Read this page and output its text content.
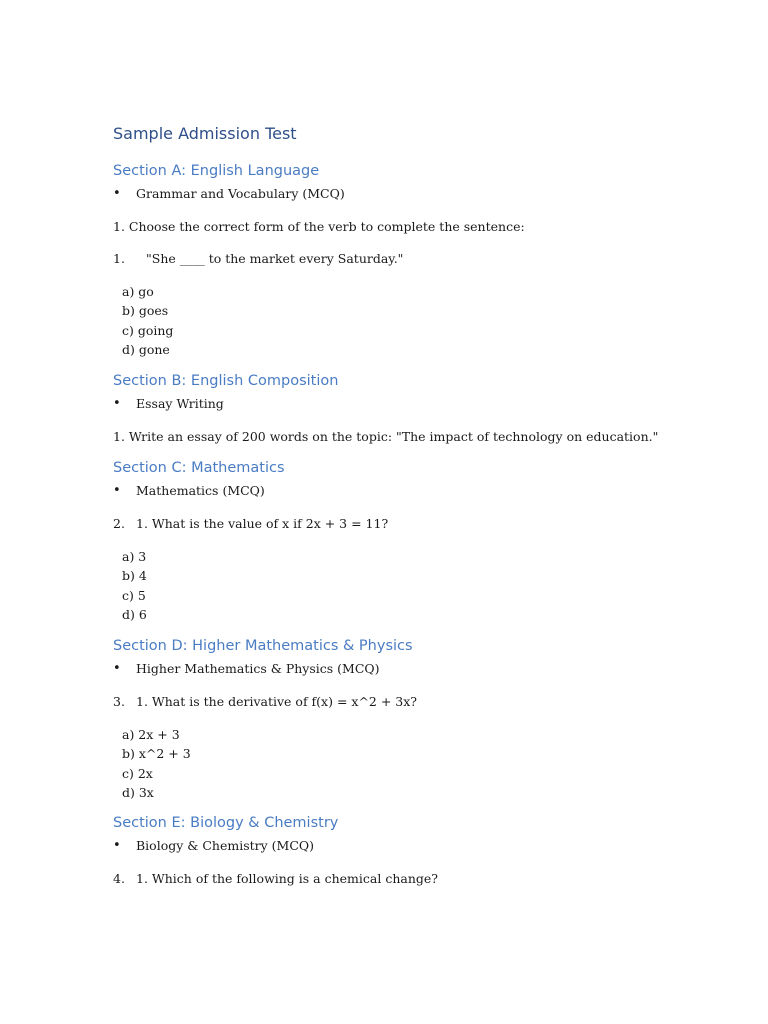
Sample Admission Test
Section A: English Language
• Grammar and Vocabulary (MCQ)
1. Choose the correct form of the verb to complete the sentence:
1. "She ____ to the market every Saturday."
a) go
b) goes
c) going
d) gone
Section B: English Composition
• Essay Writing
1. Write an essay of 200 words on the topic: "The impact of technology on education."
Section C: Mathematics
• Mathematics (MCQ)
2. 1. What is the value of x if 2x + 3 = 11?
a) 3
b) 4
c) 5
d) 6
Section D: Higher Mathematics & Physics
• Higher Mathematics & Physics (MCQ)
3. 1. What is the derivative of f(x) = x^2 + 3x?
a) 2x + 3
b) x^2 + 3
c) 2x
d) 3x
Section E: Biology & Chemistry
• Biology & Chemistry (MCQ)
4. 1. Which of the following is a chemical change?
